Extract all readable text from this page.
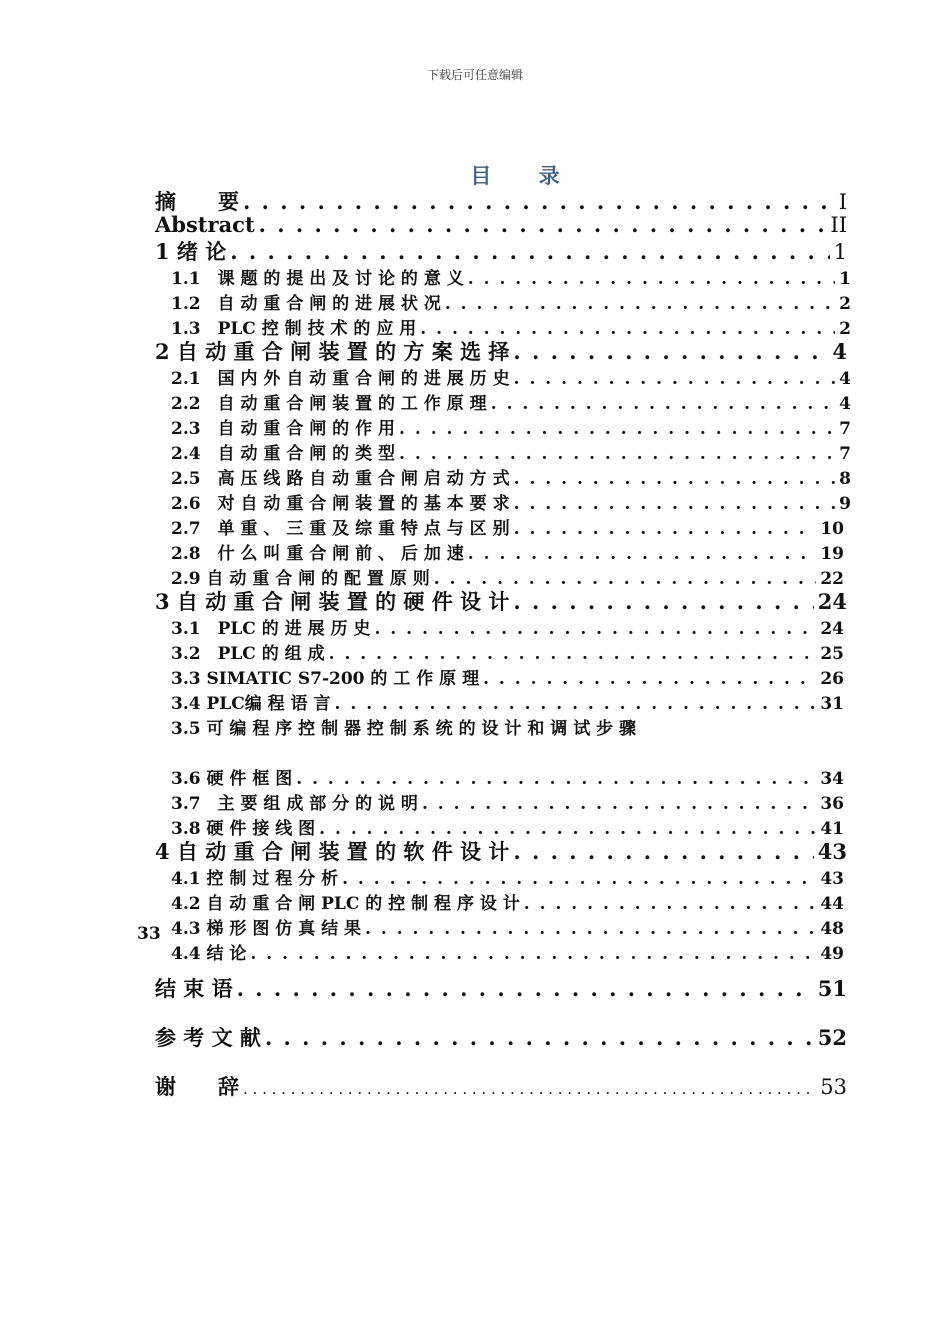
下载后可任意编辑
目 录
摘　　要 . . .	I
Abstract . . .	II
1 绪 论 . . .	1
1.1　课 题 的 提 出 及 讨 论 的 意 义 . . .	1
1.2　自 动 重 合 闸 的 进 展 状 况 . . .	2
1.3　PLC 控 制 技 术 的 应 用 . . .	2
2 自 动 重 合 闸 装 置 的 方 案 选 择 . . .	4
2.1　国 内 外 自 动 重 合 闸 的 进 展 历 史 . . .	4
2.2　自 动 重 合 闸 装 置 的 工 作 原 理 . . .	4
2.3　自 动 重 合 闸 的 作 用 . . .	7
2.4　自 动 重 合 闸 的 类 型 . . .	7
2.5　高 压 线 路 自 动 重 合 闸 启 动 方 式 . . .	8
2.6　对 自 动 重 合 闸 装 置 的 基 本 要 求 . . .	9
2.7　单 重 、 三 重 及 综 重 特 点 与 区 别 . . .	10
2.8　什 么 叫 重 合 闸 前 、 后 加 速 . . .	19
2.9 自 动 重 合 闸 的 配 置 原 则 . . .	22
3 自 动 重 合 闸 装 置 的 硬 件 设 计 . . .	24
3.1　PLC 的 进 展 历 史 . . .	24
3.2　PLC 的 组 成 . . .	25
3.3 SIMATIC S7-200 的 工 作 原 理 . . .	26
3.4 PLC编 程 语 言 . . .	31
3.5 可 编 程 序 控 制 器 控 制 系 统 的 设 计 和 调 试 步 骤
33
3.6 硬 件 框 图 . . .	34
3.7　主 要 组 成 部 分 的 说 明 . . .	36
3.8 硬 件 接 线 图 . . .	41
4 自 动 重 合 闸 装 置 的 软 件 设 计 . . .	43
4.1 控 制 过 程 分 析 . . .	43
4.2 自 动 重 合 闸 PLC 的 控 制 程 序 设 计 . . .	44
4.3 梯 形 图 仿 真 结 果 . . .	48
4.4 结 论 . . .	49
结 束 语 . . .	51
参 考 文 献 . . .	52
谢　　辞 . . .	53
